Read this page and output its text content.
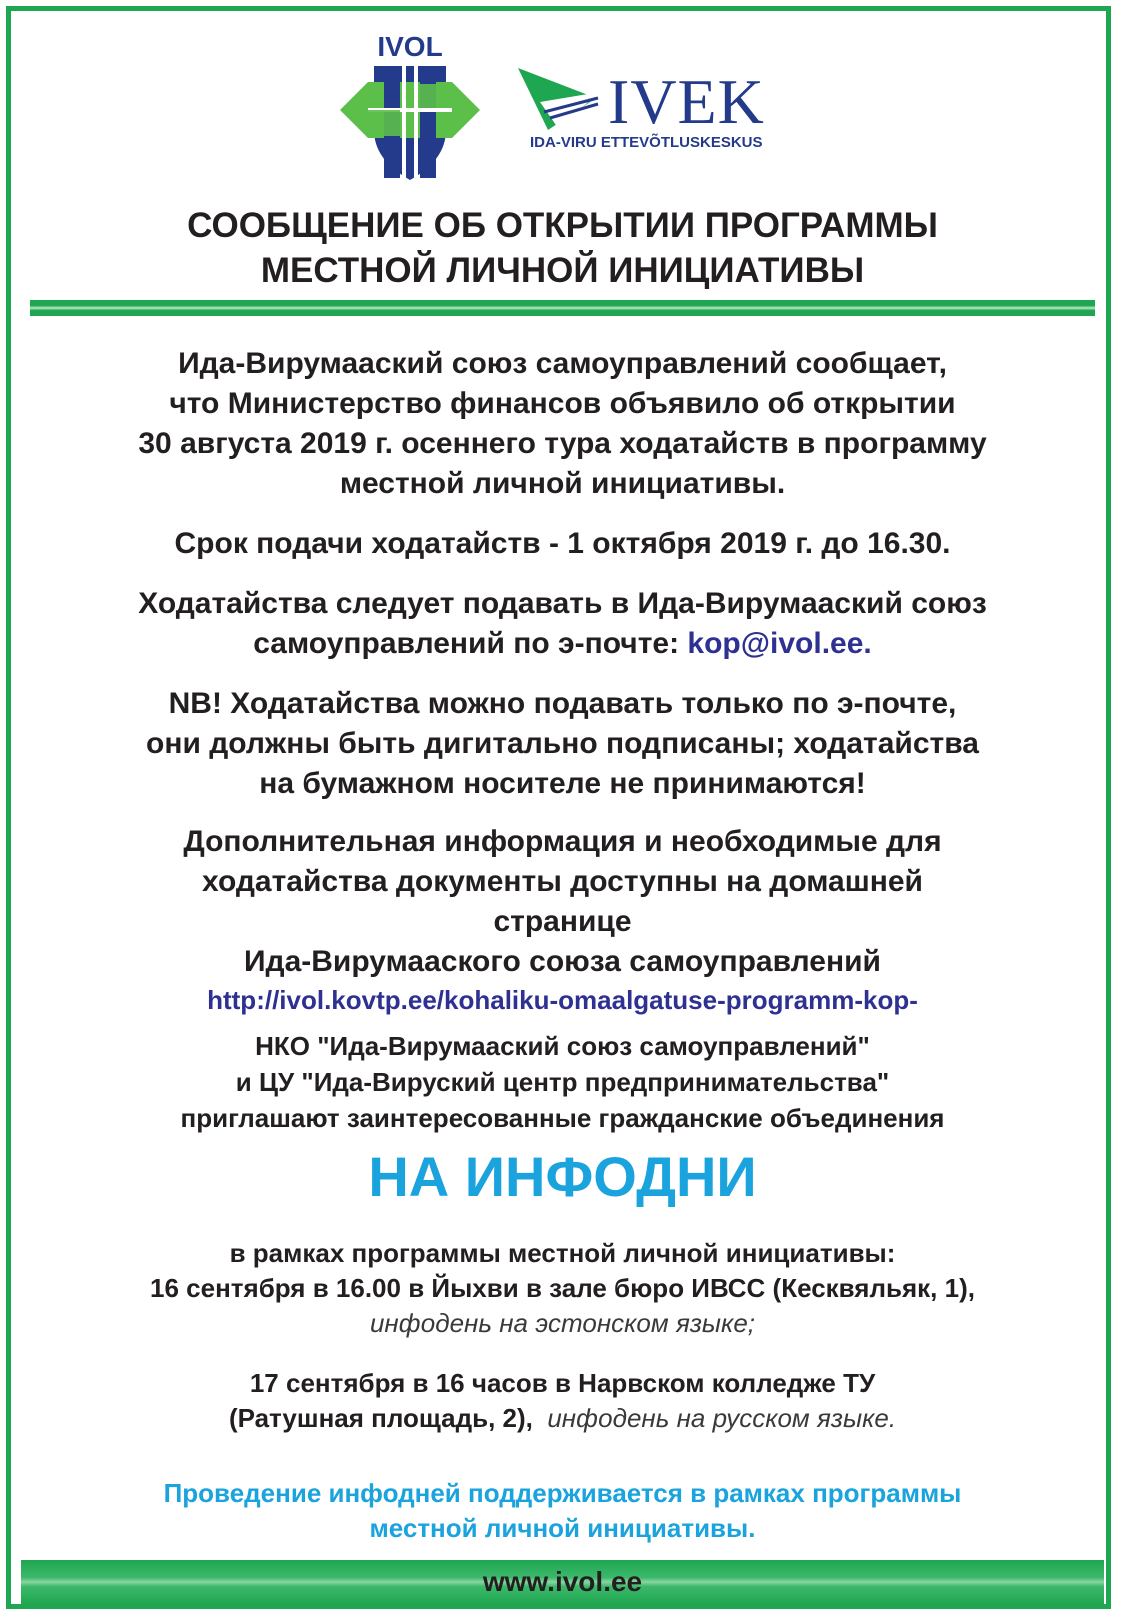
IVOL
IVEK
IDA-VIRU ETTEVÕTLUSKESKUS
СООБЩЕНИЕ ОБ ОТКРЫТИИ ПРОГРАММЫ
МЕСТНОЙ ЛИЧНОЙ ИНИЦИАТИВЫ
Ида-Вирумааский союз самоуправлений сообщает,
что Министерство финансов объявило об открытии
30 августа 2019 г. осеннего тура ходатайств в программу
местной личной инициативы.
Срок подачи ходатайств - 1 октября 2019 г. до 16.30.
Ходатайства следует подавать в Ида-Вирумааский союз
самоуправлений по э-почте: kop@ivol.ee.
NB! Ходатайства можно подавать только по э-почте,
они должны быть дигитально подписаны; ходатайства
на бумажном носителе не принимаются!
Дополнительная информация и необходимые для
ходатайства документы доступны на домашней
странице
Ида-Вирумааского союза самоуправлений
http://ivol.kovtp.ee/kohaliku-omaalgatuse-programm-kop-
НКО "Ида-Вирумааский союз самоуправлений"
и ЦУ "Ида-Вируский центр предпринимательства"
приглашают заинтересованные гражданские объединения
НА ИНФОДНИ
в рамках программы местной личной инициативы:
16 сентября в 16.00 в Йыхви в зале бюро ИВСС (Кесквяльяк, 1),
инфодень на эстонском языке;
17 сентября в 16 часов в Нарвском колледже ТУ
(Ратушная площадь, 2),  инфодень на русском языке.
Проведение инфодней поддерживается в рамках программы
местной личной инициативы.
www.ivol.ee
